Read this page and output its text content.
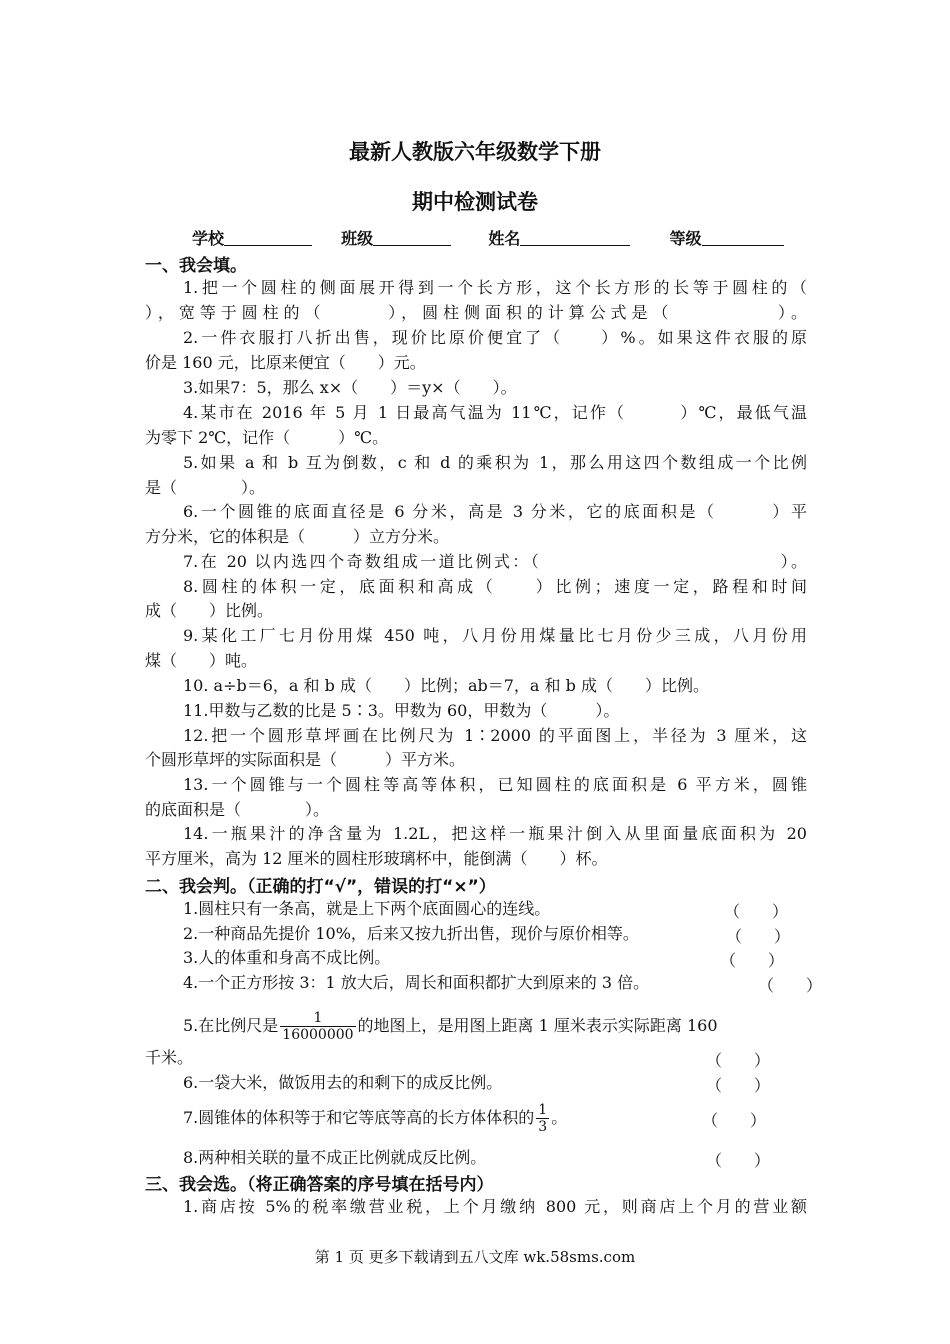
最新人教版六年级数学下册
期中检测试卷
学校	班级	姓名	等级
一、我会填。
1.把一个圆柱的侧面展开得到一个长方形，这个长方形的长等于圆柱的（
），宽等于圆柱的（　　　），圆柱侧面积的计算公式是（　　　　　）。
2.一件衣服打八折出售，现价比原价便宜了（　　）%。如果这件衣服的原
价是 160 元，比原来便宜（　　）元。
3.如果7：5，那么 x×（　　）＝y×（　　）。
4.某市在 2016 年 5 月 1 日最高气温为 11℃，记作（　　　）℃，最低气温
为零下 2℃，记作（　　　）℃。
5.如果 a 和 b 互为倒数，c 和 d 的乘积为 1，那么用这四个数组成一个比例
是（　　　　）。
6.一个圆锥的底面直径是 6 分米，高是 3 分米，它的底面积是（　　　）平
方分米，它的体积是（　　　）立方分米。
7.在 20 以内选四个奇数组成一道比例式：（　　　　　　　　　　　　　）。
8.圆柱的体积一定，底面积和高成（　　）比例；速度一定，路程和时间
成（　　）比例。
9.某化工厂七月份用煤 450 吨，八月份用煤量比七月份少三成，八月份用
煤（　　）吨。
10. a÷b＝6，a 和 b 成（　　）比例；ab＝7，a 和 b 成（　　）比例。
11.甲数与乙数的比是 5∶3。甲数为 60，甲数为（　　　）。
12.把一个圆形草坪画在比例尺为 1∶2000 的平面图上，半径为 3 厘米，这
个圆形草坪的实际面积是（　　　）平方米。
13.一个圆锥与一个圆柱等高等体积，已知圆柱的底面积是 6 平方米，圆锥
的底面积是（　　　　）。
14.一瓶果汁的净含量为 1.2L，把这样一瓶果汁倒入从里面量底面积为 20
平方厘米，高为 12 厘米的圆柱形玻璃杯中，能倒满（　　）杯。
二、我会判。（正确的打“√”，错误的打“×”）
1.圆柱只有一条高，就是上下两个底面圆心的连线。	（　　）
2.一种商品先提价 10%，后来又按九折出售，现价与原价相等。	（　　）
3.人的体重和身高不成比例。	（　　）
4.一个正方形按 3：1 放大后，周长和面积都扩大到原来的 3 倍。	（　　）
5.在比例尺是 $\frac{1}{16000000}$ 的地图上，是用图上距离 1 厘米表示实际距离 160
千米。	（　　）
6.一袋大米，做饭用去的和剩下的成反比例。	（　　）
7.圆锥体的体积等于和它等底等高的长方体体积的 $\frac{1}{3}$ 。	（　　）
8.两种相关联的量不成正比例就成反比例。	（　　）
三、我会选。（将正确答案的序号填在括号内）
1.商店按 5%的税率缴营业税，上个月缴纳 800 元，则商店上个月的营业额
第 1 页 更多下载请到五八文库 wk.58sms.com
